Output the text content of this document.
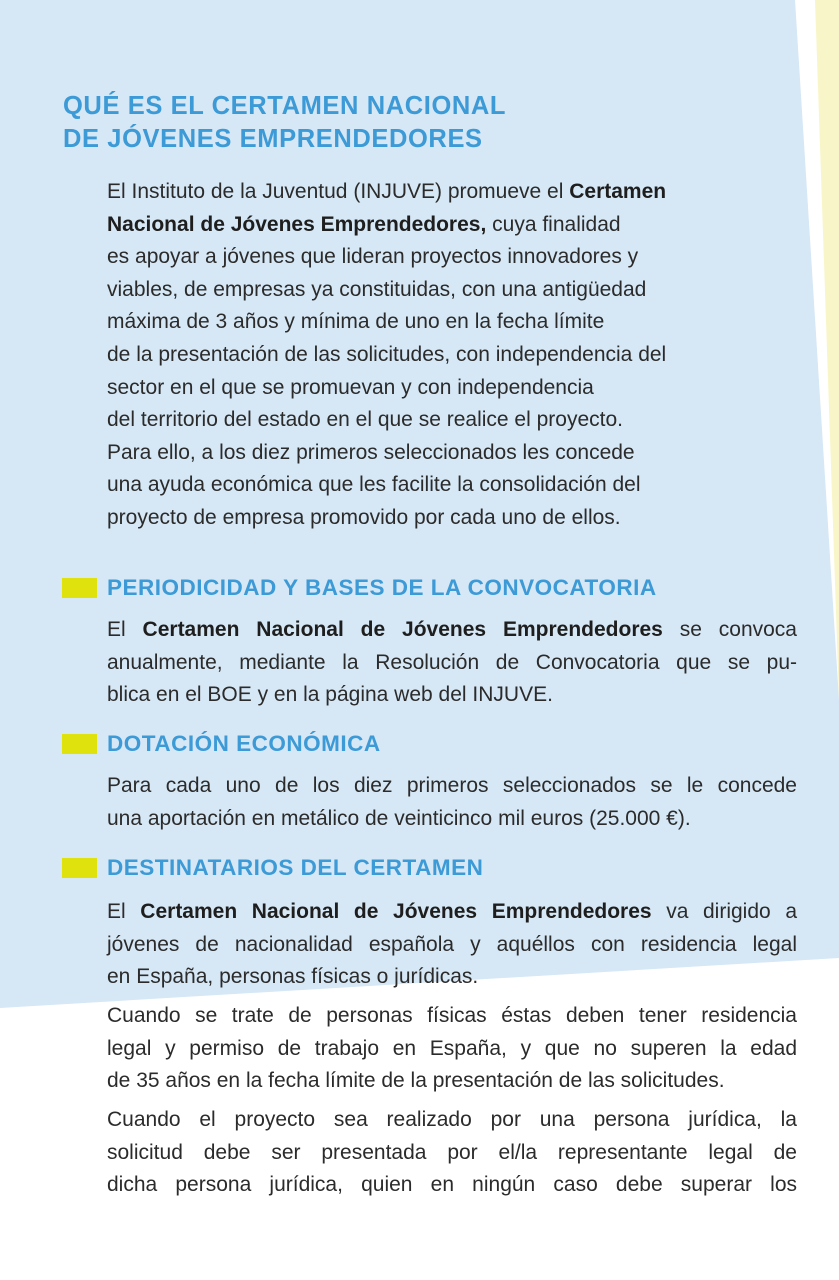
QUÉ ES EL CERTAMEN NACIONAL
DE JÓVENES EMPRENDEDORES
El Instituto de la Juventud (INJUVE) promueve el Certamen
Nacional de Jóvenes Emprendedores, cuya finalidad
es apoyar a jóvenes que lideran proyectos innovadores y
viables, de empresas ya constituidas, con una antigüedad
máxima de 3 años y mínima de uno en la fecha límite
de la presentación de las solicitudes, con independencia del
sector en el que se promuevan y con independencia
del territorio del estado en el que se realice el proyecto.
Para ello, a los diez primeros seleccionados les concede
una ayuda económica que les facilite la consolidación del
proyecto de empresa promovido por cada uno de ellos.
PERIODICIDAD Y BASES DE LA CONVOCATORIA
El Certamen Nacional de Jóvenes Emprendedores se convoca
anualmente, mediante la Resolución de Convocatoria que se pu-
blica en el BOE y en la página web del INJUVE.
DOTACIÓN ECONÓMICA
Para cada uno de los diez primeros seleccionados se le concede
una aportación en metálico de veinticinco mil euros (25.000 €).
DESTINATARIOS DEL CERTAMEN
El Certamen Nacional de Jóvenes Emprendedores va dirigido a
jóvenes de nacionalidad española y aquéllos con residencia legal
en España, personas físicas o jurídicas.
Cuando se trate de personas físicas éstas deben tener residencia
legal y permiso de trabajo en España, y que no superen la edad
de 35 años en la fecha límite de la presentación de las solicitudes.
Cuando el proyecto sea realizado por una persona jurídica, la
solicitud debe ser presentada por el/la representante legal de
dicha persona jurídica, quien en ningún caso debe superar los
